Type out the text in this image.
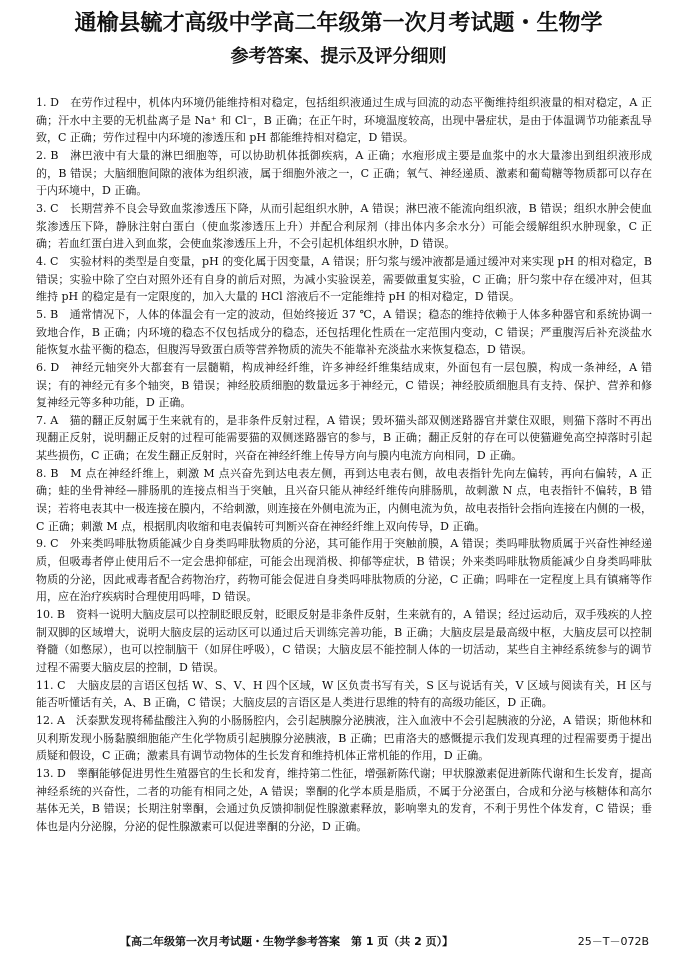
通榆县毓才高级中学高二年级第一次月考试题・生物学
参考答案、提示及评分细则

1. D　在劳作过程中，机体内环境仍能维持相对稳定，包括组织液通过生成与回流的动态平衡维持组织液量的相对稳定，A 正确；汗水中主要的无机盐离子是 Na⁺ 和 Cl⁻，B 正确；在正午时，环境温度较高，出现中暑症状，是由于体温调节功能紊乱导致，C 正确；劳作过程中内环境的渗透压和 pH 都能维持相对稳定，D 错误。

2. B　淋巴液中有大量的淋巴细胞等，可以协助机体抵御疾病，A 正确；水疱形成主要是血浆中的水大量渗出到组织液形成的，B 错误；大脑细胞间隙的液体为组织液，属于细胞外液之一，C 正确；氧气、神经递质、激素和葡萄糖等物质都可以存在于内环境中，D 正确。

3. C　长期营养不良会导致血浆渗透压下降，从而引起组织水肿，A 错误；淋巴液不能流向组织液，B 错误；组织水肿会使血浆渗透压下降，静脉注射白蛋白（使血浆渗透压上升）并配合利尿剂（排出体内多余水分）可能会缓解组织水肿现象，C 正确；若血红蛋白进入到血浆，会使血浆渗透压上升，不会引起机体组织水肿，D 错误。

4. C　实验材料的类型是自变量，pH 的变化属于因变量，A 错误；肝匀浆与缓冲液都是通过缓冲对来实现 pH 的相对稳定，B 错误；实验中除了空白对照外还有自身的前后对照，为减小实验误差，需要做重复实验，C 正确；肝匀浆中存在缓冲对，但其维持 pH 的稳定是有一定限度的，加入大量的 HCl 溶液后不一定能维持 pH 的相对稳定，D 错误。

5. B　通常情况下，人体的体温会有一定的波动，但始终接近 37 ℃，A 错误；稳态的维持依赖于人体多种器官和系统协调一致地合作，B 正确；内环境的稳态不仅包括成分的稳态，还包括理化性质在一定范围内变动，C 错误；严重腹泻后补充淡盐水能恢复水盐平衡的稳态，但腹泻导致蛋白质等营养物质的流失不能靠补充淡盐水来恢复稳态，D 错误。

6. D　神经元轴突外大都套有一层髓鞘，构成神经纤维，许多神经纤维集结成束，外面包有一层包膜，构成一条神经，A 错误；有的神经元有多个轴突，B 错误；神经胶质细胞的数量远多于神经元，C 错误；神经胶质细胞具有支持、保护、营养和修复神经元等多种功能，D 正确。

7. A　猫的翻正反射属于生来就有的，是非条件反射过程，A 错误；毁坏猫头部双侧迷路器官并蒙住双眼，则猫下落时不再出现翻正反射，说明翻正反射的过程可能需要猫的双侧迷路器官的参与，B 正确；翻正反射的存在可以使猫避免高空掉落时引起某些损伤，C 正确；在发生翻正反射时，兴奋在神经纤维上传导方向与膜内电流方向相同，D 正确。

8. B　M 点在神经纤维上，刺激 M 点兴奋先到达电表左侧，再到达电表右侧，故电表指针先向左偏转，再向右偏转，A 正确；蛙的坐骨神经—腓肠肌的连接点相当于突触，且兴奋只能从神经纤维传向腓肠肌，故刺激 N 点，电表指针不偏转，B 错误；若将电表其中一极连接在膜内，不给刺激，则连接在外侧电流为正，内侧电流为负，故电表指针会指向连接在内侧的一极，C 正确；刺激 M 点，根据肌肉收缩和电表偏转可判断兴奋在神经纤维上双向传导，D 正确。

9. C　外来类吗啡肽物质能减少自身类吗啡肽物质的分泌，其可能作用于突触前膜，A 错误；类吗啡肽物质属于兴奋性神经递质，但吸毒者停止使用后不一定会患抑郁症，可能会出现消极、抑郁等症状，B 错误；外来类吗啡肽物质能减少自身类吗啡肽物质的分泌，因此戒毒者配合药物治疗，药物可能会促进自身类吗啡肽物质的分泌，C 正确；吗啡在一定程度上具有镇痛等作用，应在治疗疾病时合理使用吗啡，D 错误。

10. B　资料一说明大脑皮层可以控制眨眼反射，眨眼反射是非条件反射，生来就有的，A 错误；经过运动后，双手残疾的人控制双脚的区域增大，说明大脑皮层的运动区可以通过后天训练完善功能，B 正确；大脑皮层是最高级中枢，大脑皮层可以控制脊髓（如憋尿），也可以控制脑干（如屏住呼吸），C 错误；大脑皮层不能控制人体的一切活动，某些自主神经系统参与的调节过程不需要大脑皮层的控制，D 错误。

11. C　大脑皮层的言语区包括 W、S、V、H 四个区域，W 区负责书写有关，S 区与说话有关，V 区域与阅读有关，H 区与能否听懂话有关，A、B 正确，C 错误；大脑皮层的言语区是人类进行思维的特有的高级功能区，D 正确。

12. A　沃泰默发现将稀盐酸注入狗的小肠肠腔内，会引起胰腺分泌胰液，注入血液中不会引起胰液的分泌，A 错误；斯他林和贝利斯发现小肠黏膜细胞能产生化学物质引起胰腺分泌胰液，B 正确；巴甫洛夫的感慨提示我们发现真理的过程需要勇于提出质疑和假设，C 正确；激素具有调节动物体的生长发育和维持机体正常机能的作用，D 正确。

13. D　睾酮能够促进男性生殖器官的生长和发育，维持第二性征，增强新陈代谢；甲状腺激素促进新陈代谢和生长发育，提高神经系统的兴奋性，二者的功能有相同之处，A 错误；睾酮的化学本质是脂质，不属于分泌蛋白，合成和分泌与核糖体和高尔基体无关，B 错误；长期注射睾酮，会通过负反馈抑制促性腺激素释放，影响睾丸的发育，不利于男性个体发育，C 错误；垂体也是内分泌腺，分泌的促性腺激素可以促进睾酮的分泌，D 正确。

【高二年级第一次月考试题・生物学参考答案　第 1 页（共 2 页）】	25－T－072B
